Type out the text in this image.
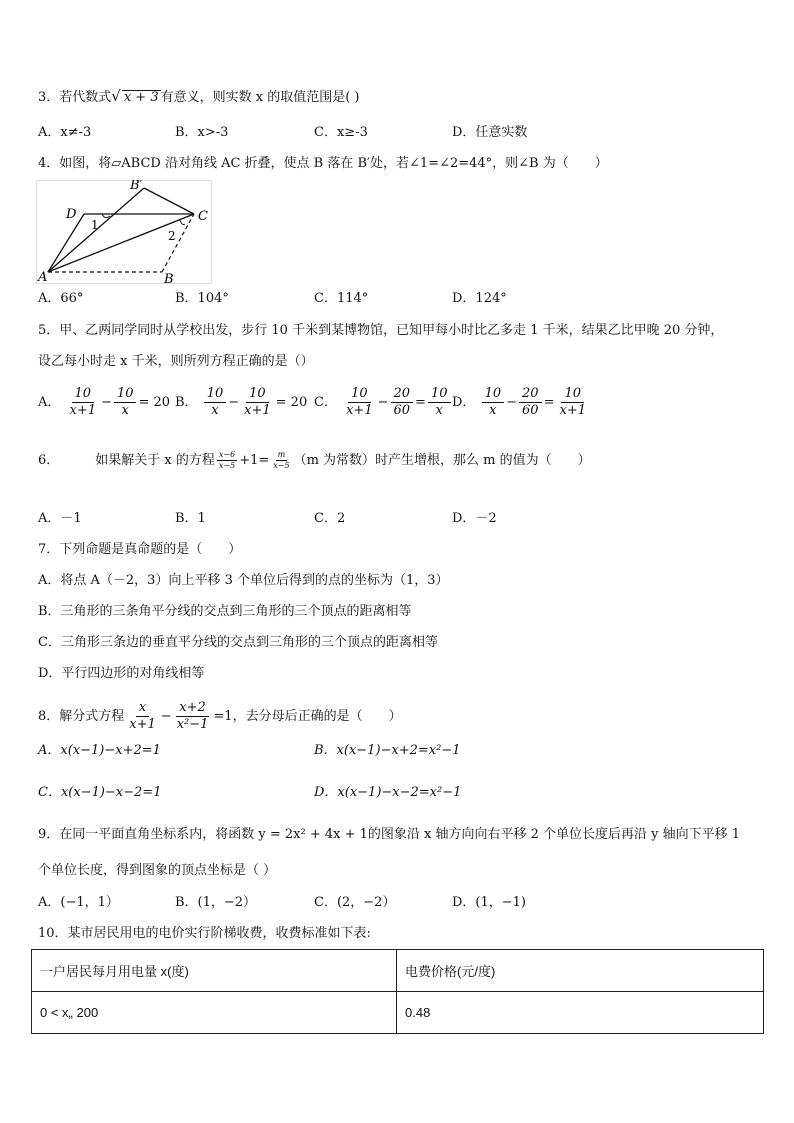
3．若代数式√ x + 3 有意义，则实数 x 的取值范围是( )
A．x≠-3	B．x>-3	C．x≥-3	D．任意实数
4．如图，将▱ABCD 沿对角线 AC 折叠，使点 B 落在 B′处，若∠1=∠2=44°，则∠B 为（　　）
B′
D
1
C
2
A	B
A．66°	B．104°	C．114°	D．124°
5．甲、乙两同学同时从学校出发，步行 10 千米到某博物馆，已知甲每小时比乙多走 1 千米，结果乙比甲晚 20 分钟，
设乙每小时走 x 千米，则所列方程正确的是（）
A． $\frac{10}{x+1} - \frac{10}{x} = 20$ B． $\frac{10}{x} - \frac{10}{x+1} = 20$ C． $\frac{10}{x+1} - \frac{20}{60} = \frac{10}{x}$ D． $\frac{10}{x} - \frac{20}{60} = \frac{10}{x+1}$
6．	如果解关于 x 的方程 $\frac{x-6}{x-5} +1= \frac{m}{x-5} (m$ 为常数）时产生增根，那么 m 的值为（　　）
A．－1	B．1	C．2	D．－2
7．下列命题是真命题的是（　　）
A．将点 A（－2，3）向上平移 3 个单位后得到的点的坐标为（1，3）
B．三角形的三条角平分线的交点到三角形的三个顶点的距离相等
C．三角形三条边的垂直平分线的交点到三角形的三个顶点的距离相等
D．平行四边形的对角线相等
8．解分式方程 $\frac{x}{x+1} - \frac{x+2}{\text{x²−1}} =1$，去分母后正确的是（　　）
A．x(x−1)−x+2=1	B．x(x−1)−x+2=x²−1
C．x(x−1)−x−2=1	D．x(x−1)−x−2=x²−1
9．在同一平面直角坐标系内，将函数 y = 2x² + 4x + 1的图象沿 x 轴方向向右平移 2 个单位长度后再沿 y 轴向下平移 1
个单位长度，得到图象的顶点坐标是（ ）
A．(−1，1）	B．(1，−2）	C．(2，−2）	D．(1，−1)
10．某市居民用电的电价实行阶梯收费，收费标准如下表:
一户居民每月用电量 x(度)	电费价格(元/度)
0 < x„ 200	0.48
